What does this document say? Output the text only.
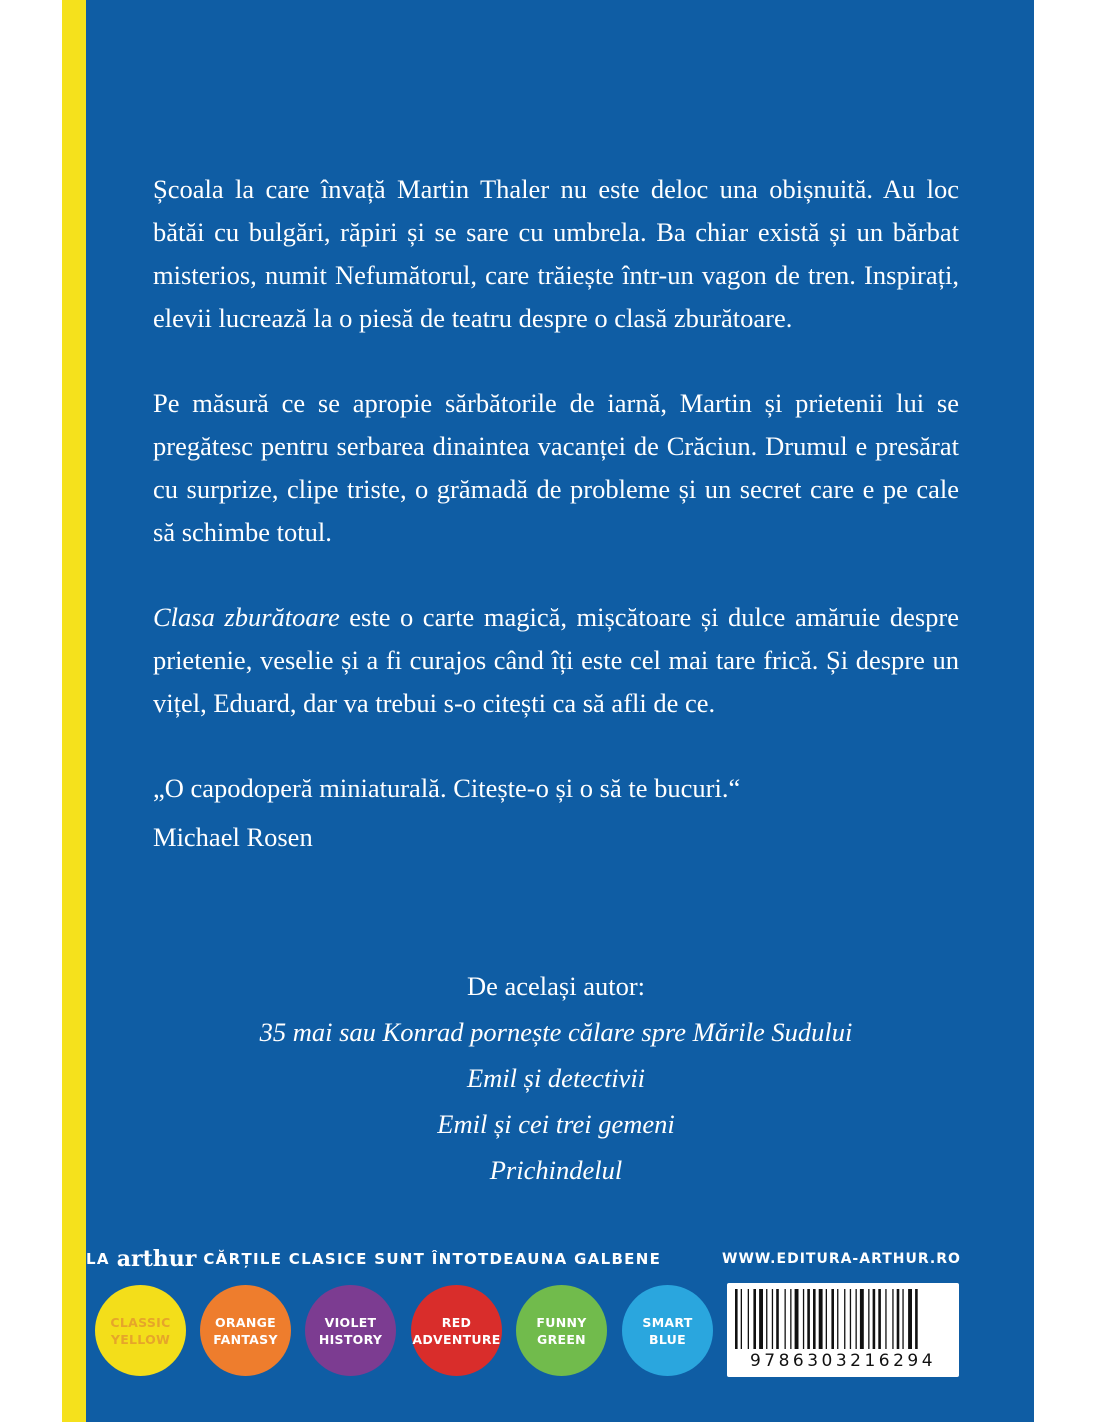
Școala la care învață Martin Thaler nu este deloc una obișnuită. Au loc bătăi cu bulgări, răpiri și se sare cu umbrela. Ba chiar există și un bărbat misterios, numit Nefumătorul, care trăiește într-un vagon de tren. Inspirați, elevii lucrează la o piesă de teatru despre o clasă zburătoare.

Pe măsură ce se apropie sărbătorile de iarnă, Martin și prietenii lui se pregătesc pentru serbarea dinaintea vacanței de Crăciun. Drumul e presărat cu surprize, clipe triste, o grămadă de probleme și un secret care e pe cale să schimbe totul.

Clasa zburătoare este o carte magică, mișcătoare și dulce amăruie despre prietenie, veselie și a fi curajos când îți este cel mai tare frică. Și despre un vițel, Eduard, dar va trebui s-o citești ca să afli de ce.

„O capodoperă miniaturală. Citește-o și o să te bucuri.“

Michael Rosen

De același autor:
35 mai sau Konrad pornește călare spre Mările Sudului
Emil și detectivii
Emil și cei trei gemeni
Prichindelul
LA arthur CĂRȚILE CLASICE SUNT ÎNTOTDEAUNA GALBENE	WWW.EDITURA-ARTHUR.RO
CLASSIC
YELLOW
ORANGE
FANTASY
VIOLET
HISTORY
RED
ADVENTURE
FUNNY
GREEN
SMART
BLUE
9786303216294
